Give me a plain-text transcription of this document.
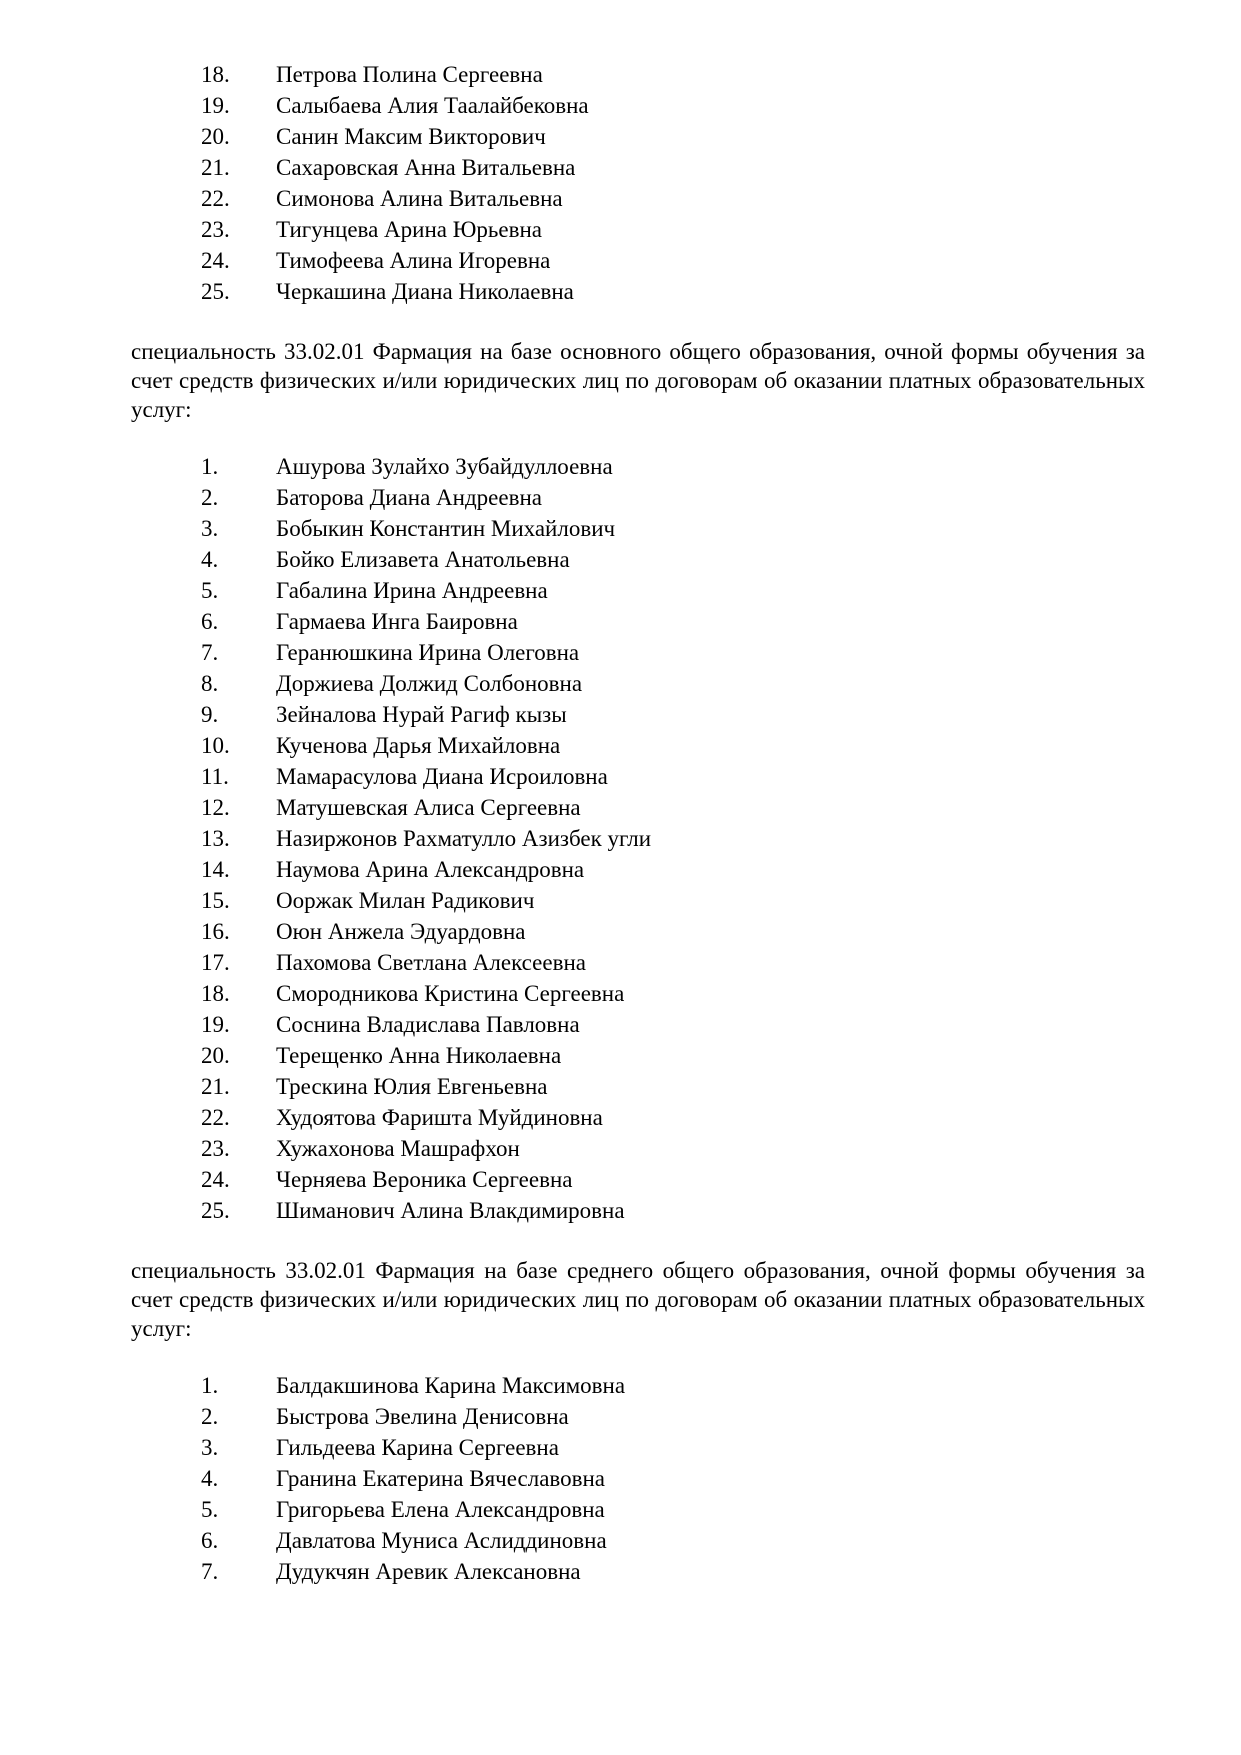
18. Петрова Полина Сергеевна
19. Салыбаева Алия Таалайбековна
20. Санин Максим Викторович
21. Сахаровская Анна Витальевна
22. Симонова Алина Витальевна
23. Тигунцева Арина Юрьевна
24. Тимофеева Алина Игоревна
25. Черкашина Диана Николаевна
специальность 33.02.01 Фармация на базе основного общего образования, очной формы обучения за счет средств физических и/или юридических лиц по договорам об оказании платных образовательных услуг:
1.	Ашурова Зулайхо Зубайдуллоевна
2.	Баторова Диана Андреевна
3.	Бобыкин Константин Михайлович
4.	Бойко Елизавета Анатольевна
5.	Габалина Ирина Андреевна
6.	Гармаева Инга Баировна
7.	Геранюшкина Ирина Олеговна
8.	Доржиева Должид Солбоновна
9.	Зейналова Нурай Рагиф кызы
10. Кученова Дарья Михайловна
11. Мамарасулова Диана Исроиловна
12. Матушевская Алиса Сергеевна
13. Назиржонов Рахматулло Азизбек угли
14. Наумова Арина Александровна
15. Ооржак Милан Радикович
16. Оюн Анжела Эдуардовна
17. Пахомова Светлана Алексеевна
18. Смородникова Кристина Сергеевна
19. Соснина Владислава Павловна
20. Терещенко Анна Николаевна
21. Трескина Юлия Евгеньевна
22. Худоятова Фаришта Муйдиновна
23. Хужахонова Машрафхон
24. Черняева Вероника Сергеевна
25. Шиманович Алина Влакдимировна
специальность 33.02.01 Фармация на базе среднего общего образования, очной формы обучения за счет средств физических и/или юридических лиц по договорам об оказании платных образовательных услуг:
1.	Балдакшинова Карина Максимовна
2.	Быстрова Эвелина Денисовна
3.	Гильдеева Карина Сергеевна
4.	Гранина Екатерина Вячеславовна
5.	Григорьева Елена Александровна
6.	Давлатова Муниса Аслиддиновна
7.	Дудукчян Аревик Алексановна
